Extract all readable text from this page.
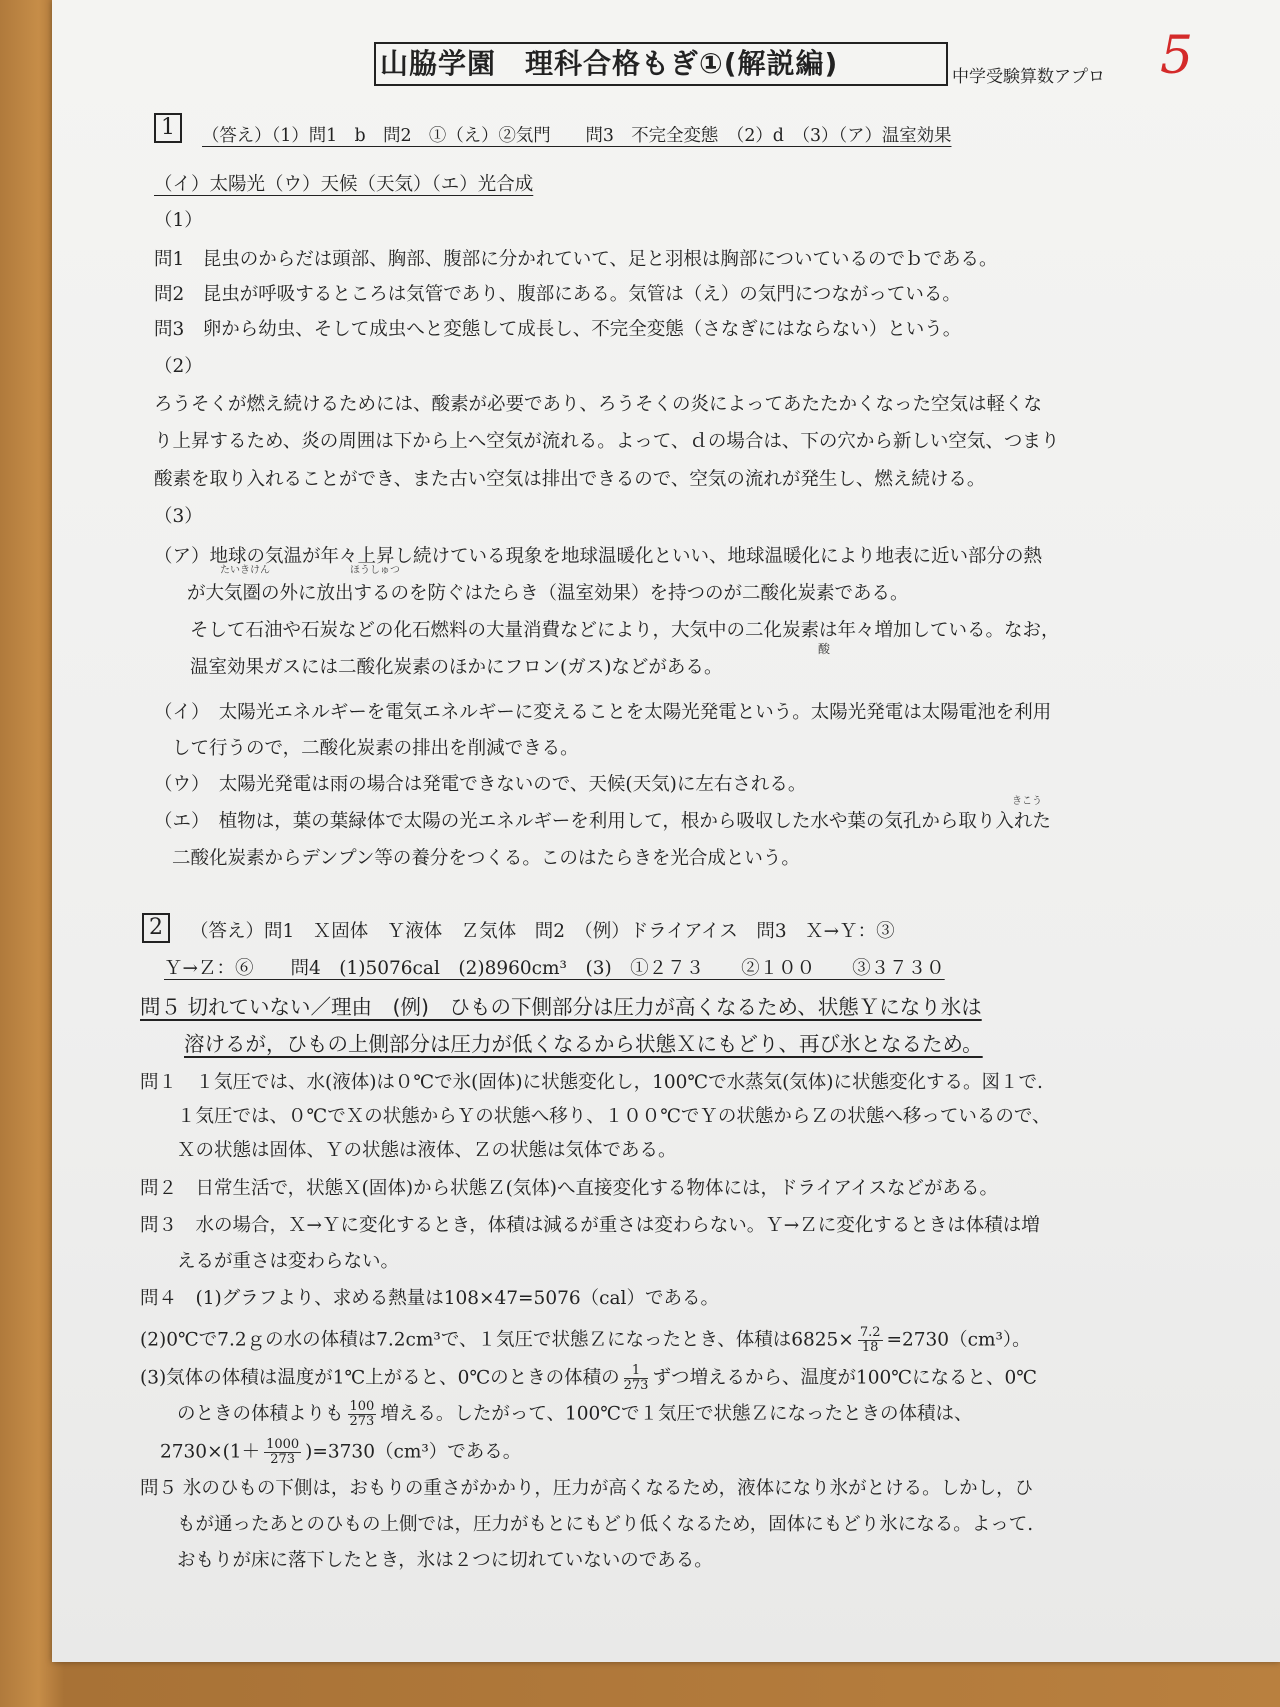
山脇学園　理科合格もぎ①(解説編)	中学受験算数アプロ 5
1	（答え）（1）問1　b　問2　①（え）②気門　　問3　不完全変態　（2）d　（3）（ア）温室効果
（イ）太陽光（ウ）天候（天気）（エ）光合成
（1）
問1　昆虫のからだは頭部、胸部、腹部に分かれていて、足と羽根は胸部についているのでｂである。
問2　昆虫が呼吸するところは気管であり、腹部にある。気管は（え）の気門につながっている。
問3　卵から幼虫、そして成虫へと変態して成長し、不完全変態（さなぎにはならない）という。
（2）
ろうそくが燃え続けるためには、酸素が必要であり、ろうそくの炎によってあたたかくなった空気は軽くな
り上昇するため、炎の周囲は下から上へ空気が流れる。よって、ｄの場合は、下の穴から新しい空気、つまり
酸素を取り入れることができ、また古い空気は排出できるので、空気の流れが発生し、燃え続ける。
（3）
（ア）地球の気温が年々上昇し続けている現象を地球温暖化といい、地球温暖化により地表に近い部分の熱
が大気圏の外に放出するのを防ぐはたらき（温室効果）を持つのが二酸化炭素である。
そして石油や石炭などの化石燃料の大量消費などにより，大気中の二化炭素は年々増加している。なお，
温室効果ガスには二酸化炭素のほかにフロン(ガス)などがある。
たいきけん	ほうしゅつ
酸
（イ）　太陽光エネルギーを電気エネルギーに変えることを太陽光発電という。太陽光発電は太陽電池を利用
して行うので，二酸化炭素の排出を削減できる。
（ウ）　太陽光発電は雨の場合は発電できないので、天候(天気)に左右される。
（エ）　植物は，葉の葉緑体で太陽の光エネルギーを利用して，根から吸収した水や葉の気孔から取り入れた
二酸化炭素からデンプン等の養分をつくる。このはたらきを光合成という。
きこう
2	（答え）問1　Ｘ固体　Ｙ液体　Ｚ気体　問2　（例）ドライアイス　問3　Ｘ→Ｙ：③
Ｙ→Ｚ：⑥　　問4　(1)5076cal　(2)8960cm³　(3)　①２７３　　②１００　　③３７３０
問５ 切れていない／理由　(例)　ひもの下側部分は圧力が高くなるため、状態Ｙになり氷は
溶けるが，ひもの上側部分は圧力が低くなるから状態Ｘにもどり、再び氷となるため。
問１　１気圧では、水(液体)は０℃で氷(固体)に状態変化し，100℃で水蒸気(気体)に状態変化する。図１で.
１気圧では、０℃でＸの状態からＹの状態へ移り、１００℃でＹの状態からＺの状態へ移っているので、
Ｘの状態は固体、Ｙの状態は液体、Ｚの状態は気体である。
問２　日常生活で，状態Ｘ(固体)から状態Ｚ(気体)へ直接変化する物体には，ドライアイスなどがある。
問３　水の場合，Ｘ→Ｙに変化するとき，体積は減るが重さは変わらない。Ｙ→Ｚに変化するときは体積は増
えるが重さは変わらない。
問４　(1)グラフより、求める熱量は108×47=5076（cal）である。
(2)0℃で7.2ｇの水の体積は7.2cm³で、１気圧で状態Ｚになったとき、体積は$6825\times \frac{7.2}{18} =2730(cm^3)$。
(3)気体の体積は温度が1℃上がると、0℃のときの体積の $\frac{1}{273}$ ずつ増えるから、温度が100℃になると、0℃
のときの体積よりも $\frac{100}{273}$ 増える。したがって、100℃で１気圧で状態Ｚになったときの体積は、
$2730\times(1+ \frac{1000}{273} )=3730(cm^3)$である。
問５ 氷のひもの下側は，おもりの重さがかかり，圧力が高くなるため，液体になり氷がとける。しかし，ひ
もが通ったあとのひもの上側では，圧力がもとにもどり低くなるため，固体にもどり氷になる。よって.
おもりが床に落下したとき，氷は２つに切れていないのである。
